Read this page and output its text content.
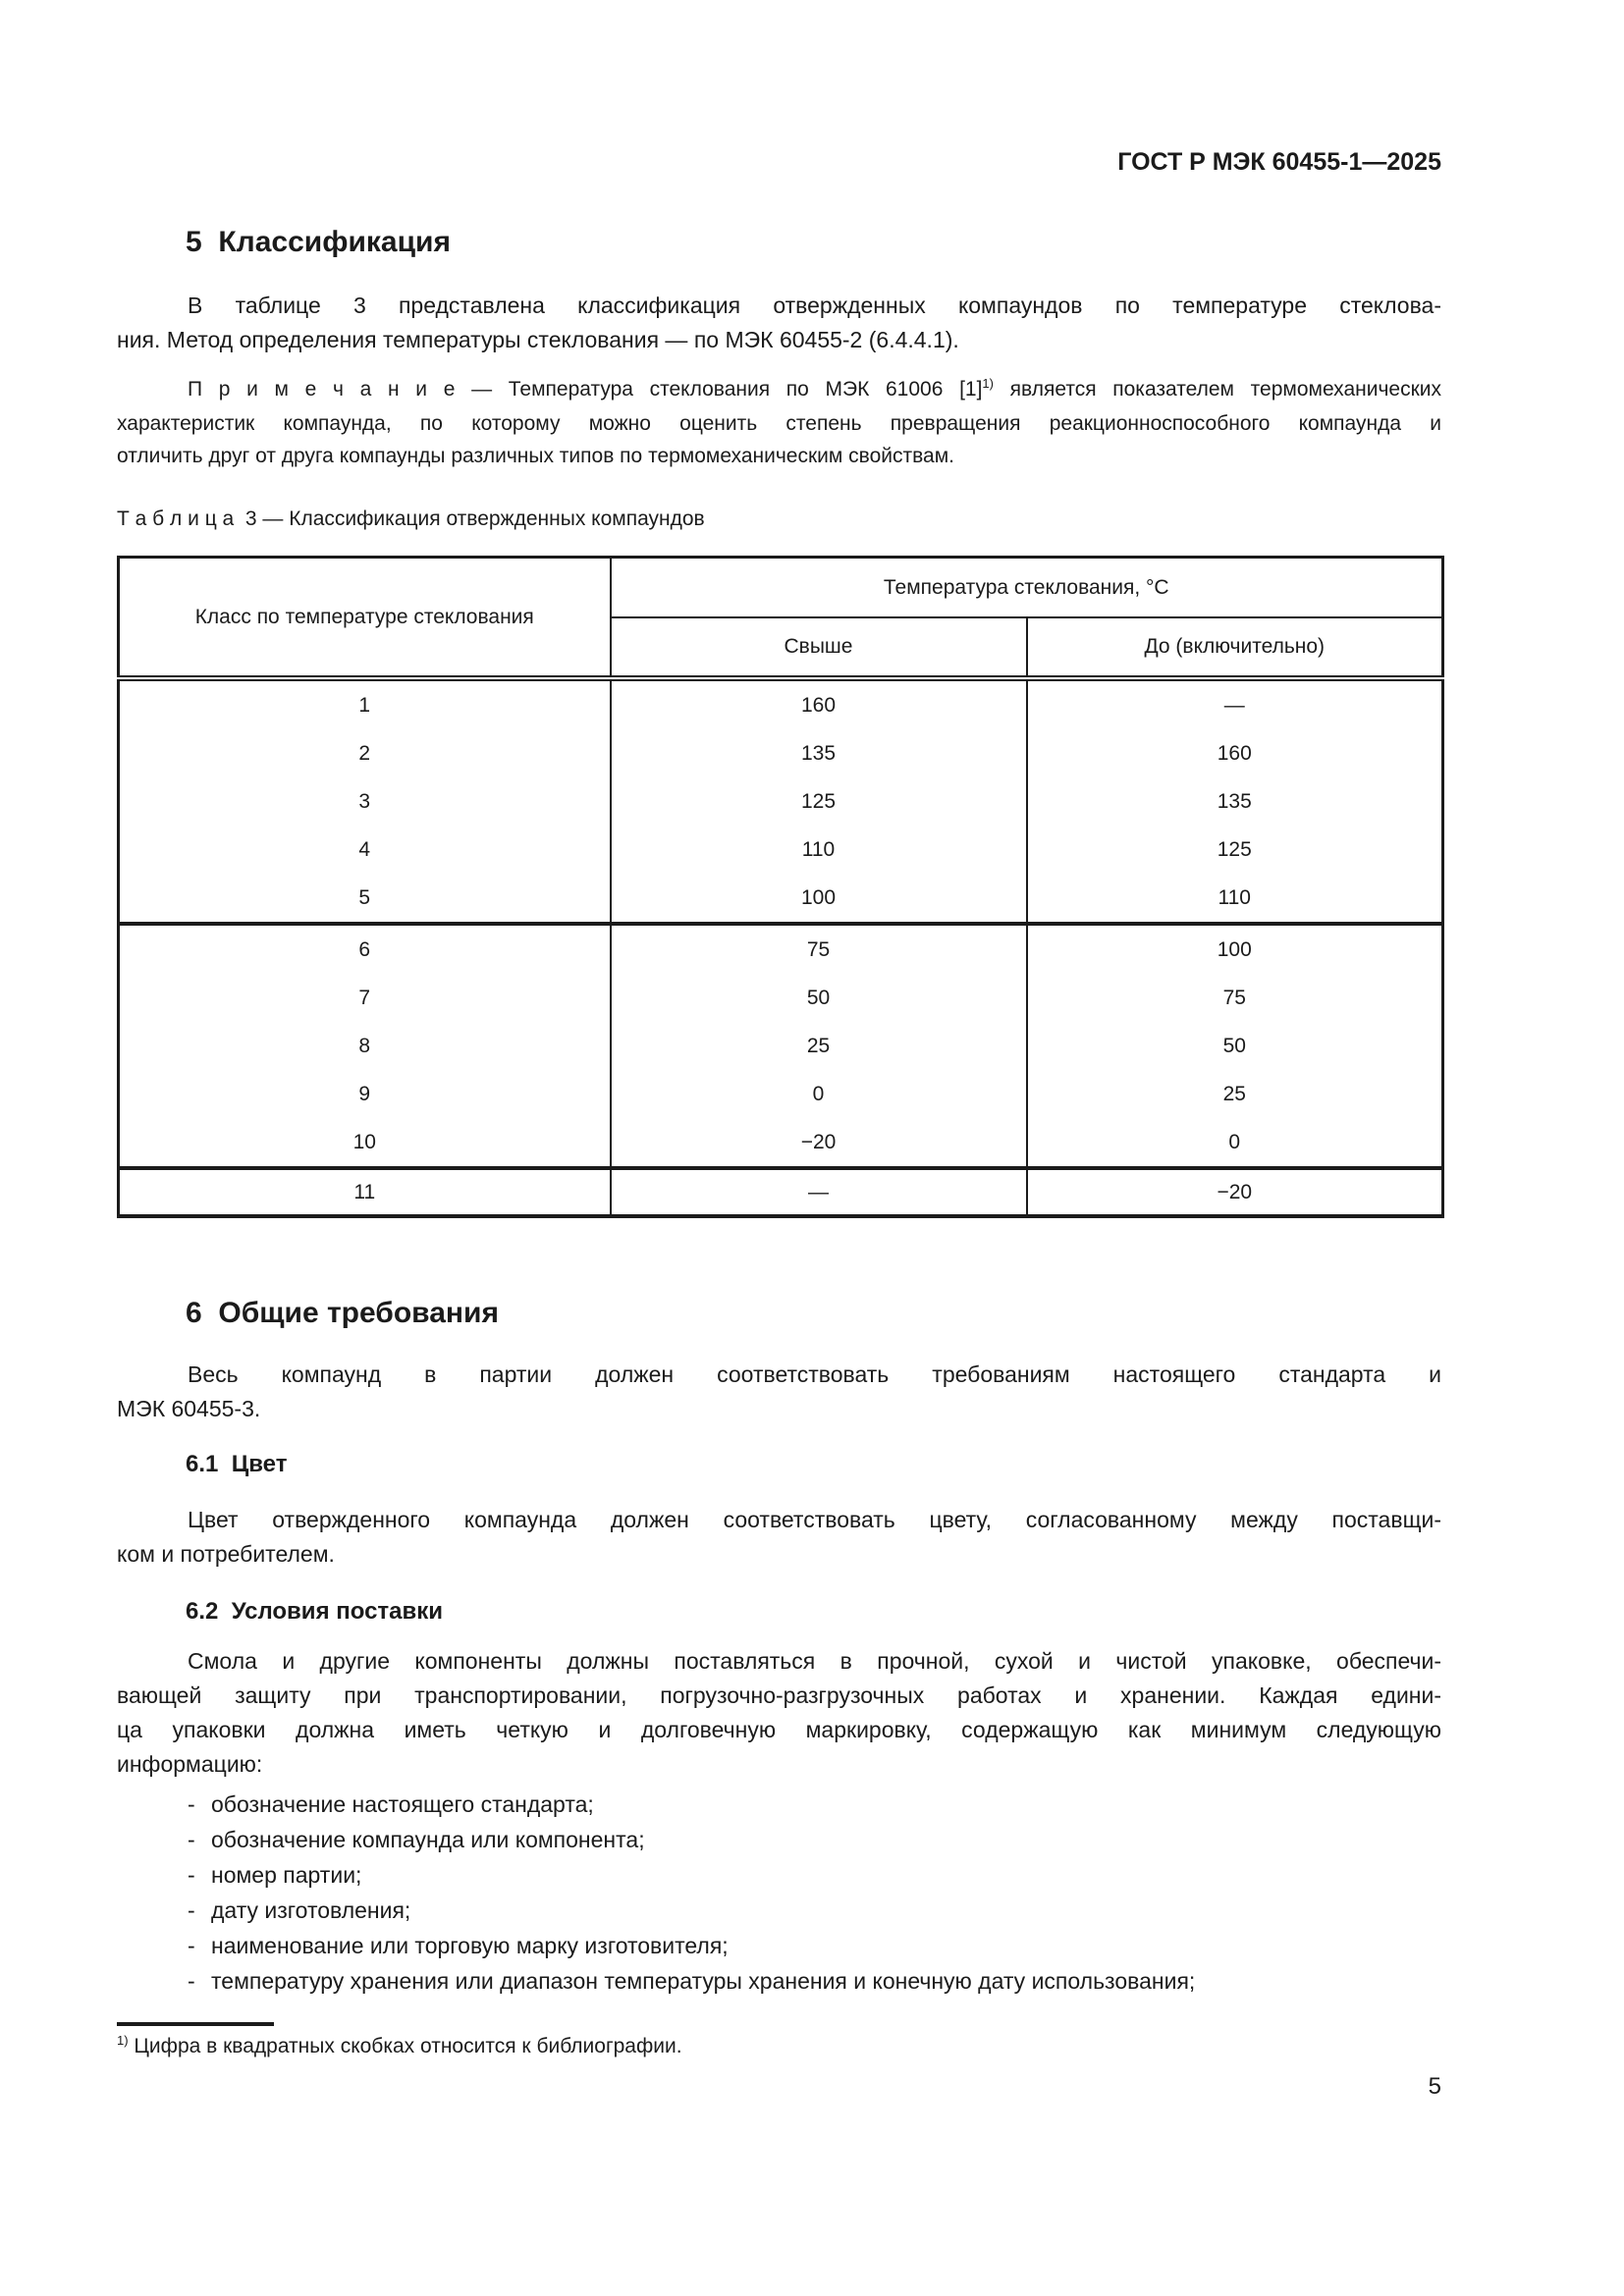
ГОСТ Р МЭК 60455-1—2025
5  Классификация
В таблице 3 представлена классификация отвержденных компаундов по температуре стеклова-
ния. Метод определения температуры стеклования — по МЭК 60455-2 (6.4.4.1).
П р и м е ч а н и е — Температура стеклования по МЭК 61006 $[1]^{1)}$ является показателем термомеханических
характеристик компаунда, по которому можно оценить степень превращения реакционноспособного компаунда и
отличить друг от друга компаунды различных типов по термомеханическим свойствам.
Т а б л и ц а  3 — Классификация отвержденных компаундов
Класс по температуре стеклования	Температура стеклования, °С	
	Свыше	До (включительно)
1	160	—
2	135	160
3	125	135
4	110	125
5	100	110
6	75	100
7	50	75
8	25	50
9	0	25
10	−20	0
11	—	−20
6  Общие требования
Весь компаунд в партии должен соответствовать требованиям настоящего стандарта и
МЭК 60455-3.
6.1  Цвет
Цвет отвержденного компаунда должен соответствовать цвету, согласованному между поставщи-
ком и потребителем.
6.2  Условия поставки
Смола и другие компоненты должны поставляться в прочной, сухой и чистой упаковке, обеспечи-
вающей защиту при транспортировании, погрузочно-разгрузочных работах и хранении. Каждая едини-
ца упаковки должна иметь четкую и долговечную маркировку, содержащую как минимум следующую
информацию:
- обозначение настоящего стандарта;
- обозначение компаунда или компонента;
- номер партии;
- дату изготовления;
- наименование или торговую марку изготовителя;
- температуру хранения или диапазон температуры хранения и конечную дату использования;
$^{1)}$ Цифра в квадратных скобках относится к библиографии.
5
